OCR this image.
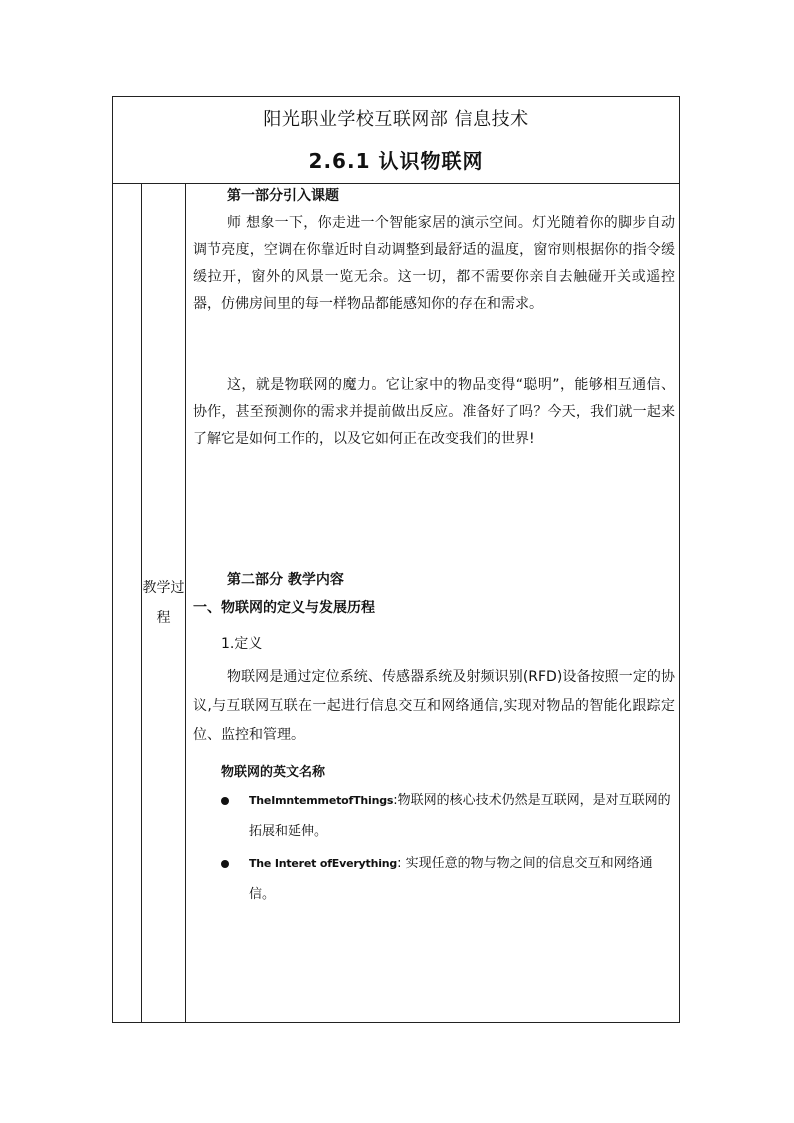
阳光职业学校互联网部 信息技术
2.6.1 认识物联网
教学过程
第一部分引入课题
师 想象一下，你走进一个智能家居的演示空间。灯光随着你的脚步自动调节亮度，空调在你靠近时自动调整到最舒适的温度，窗帘则根据你的指令缓缓拉开，窗外的风景一览无余。这一切，都不需要你亲自去触碰开关或遥控器，仿佛房间里的每一样物品都能感知你的存在和需求。
这，就是物联网的魔力。它让家中的物品变得“聪明”，能够相互通信、协作，甚至预测你的需求并提前做出反应。准备好了吗？今天，我们就一起来了解它是如何工作的，以及它如何正在改变我们的世界!
第二部分 教学内容
一、物联网的定义与发展历程
1.定义
物联网是通过定位系统、传感器系统及射频识别(RFD)设备按照一定的协议,与互联网互联在一起进行信息交互和网络通信,实现对物品的智能化跟踪定位、监控和管理。
物联网的英文名称
TheImntemmetofThings:物联网的核心技术仍然是互联网，是对互联网的拓展和延伸。
The Interet ofEverything: 实现任意的物与物之间的信息交互和网络通信。
